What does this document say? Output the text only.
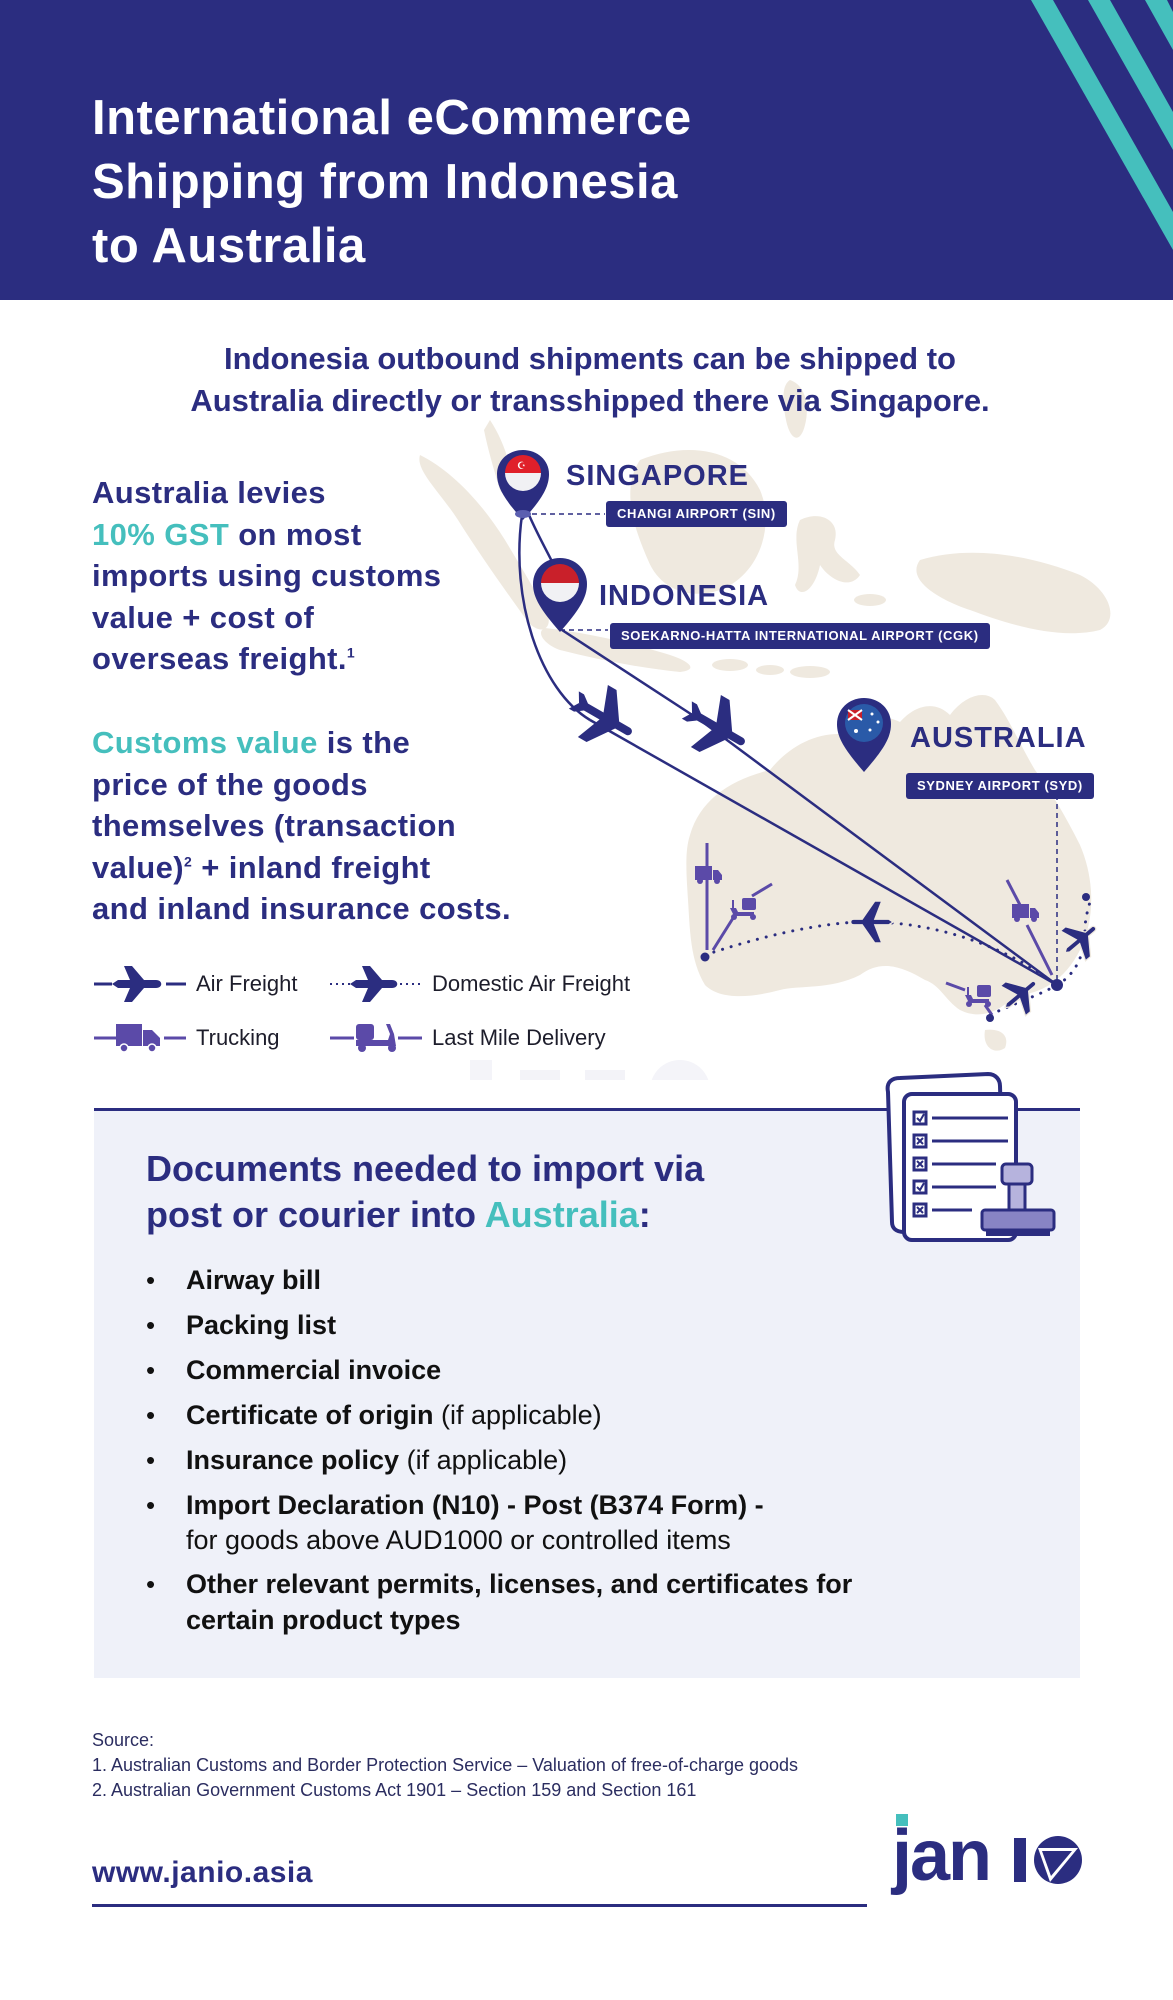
International eCommerce
Shipping from Indonesia
to Australia
☪
Indonesia outbound shipments can be shipped to
Australia directly or transshipped there via Singapore.
Australia levies
10% GST on most
imports using customs
value + cost of
overseas freight.$^1$
Customs value is the
price of the goods
themselves (transaction
value)$^2$ + inland freight
and inland insurance costs.
SINGAPORE
CHANGI AIRPORT (SIN)
INDONESIA
SOEKARNO-HATTA INTERNATIONAL AIRPORT (CGK)
AUSTRALIA
SYDNEY AIRPORT (SYD)
Air Freight	Domestic Air Freight
Trucking	Last Mile Delivery
Documents needed to import via
post or courier into Australia:
• Airway bill
• Packing list
• Commercial invoice
• Certificate of origin (if applicable)
• Insurance policy (if applicable)
• Import Declaration (N10) - Post (B374 Form) -
for goods above AUD1000 or controlled items
• Other relevant permits, licenses, and certificates for certain product types
Source:
1. Australian Customs and Border Protection Service – Valuation of free-of-charge goods
2. Australian Government Customs Act 1901 – Section 159 and Section 161
www.janio.asia	jan
